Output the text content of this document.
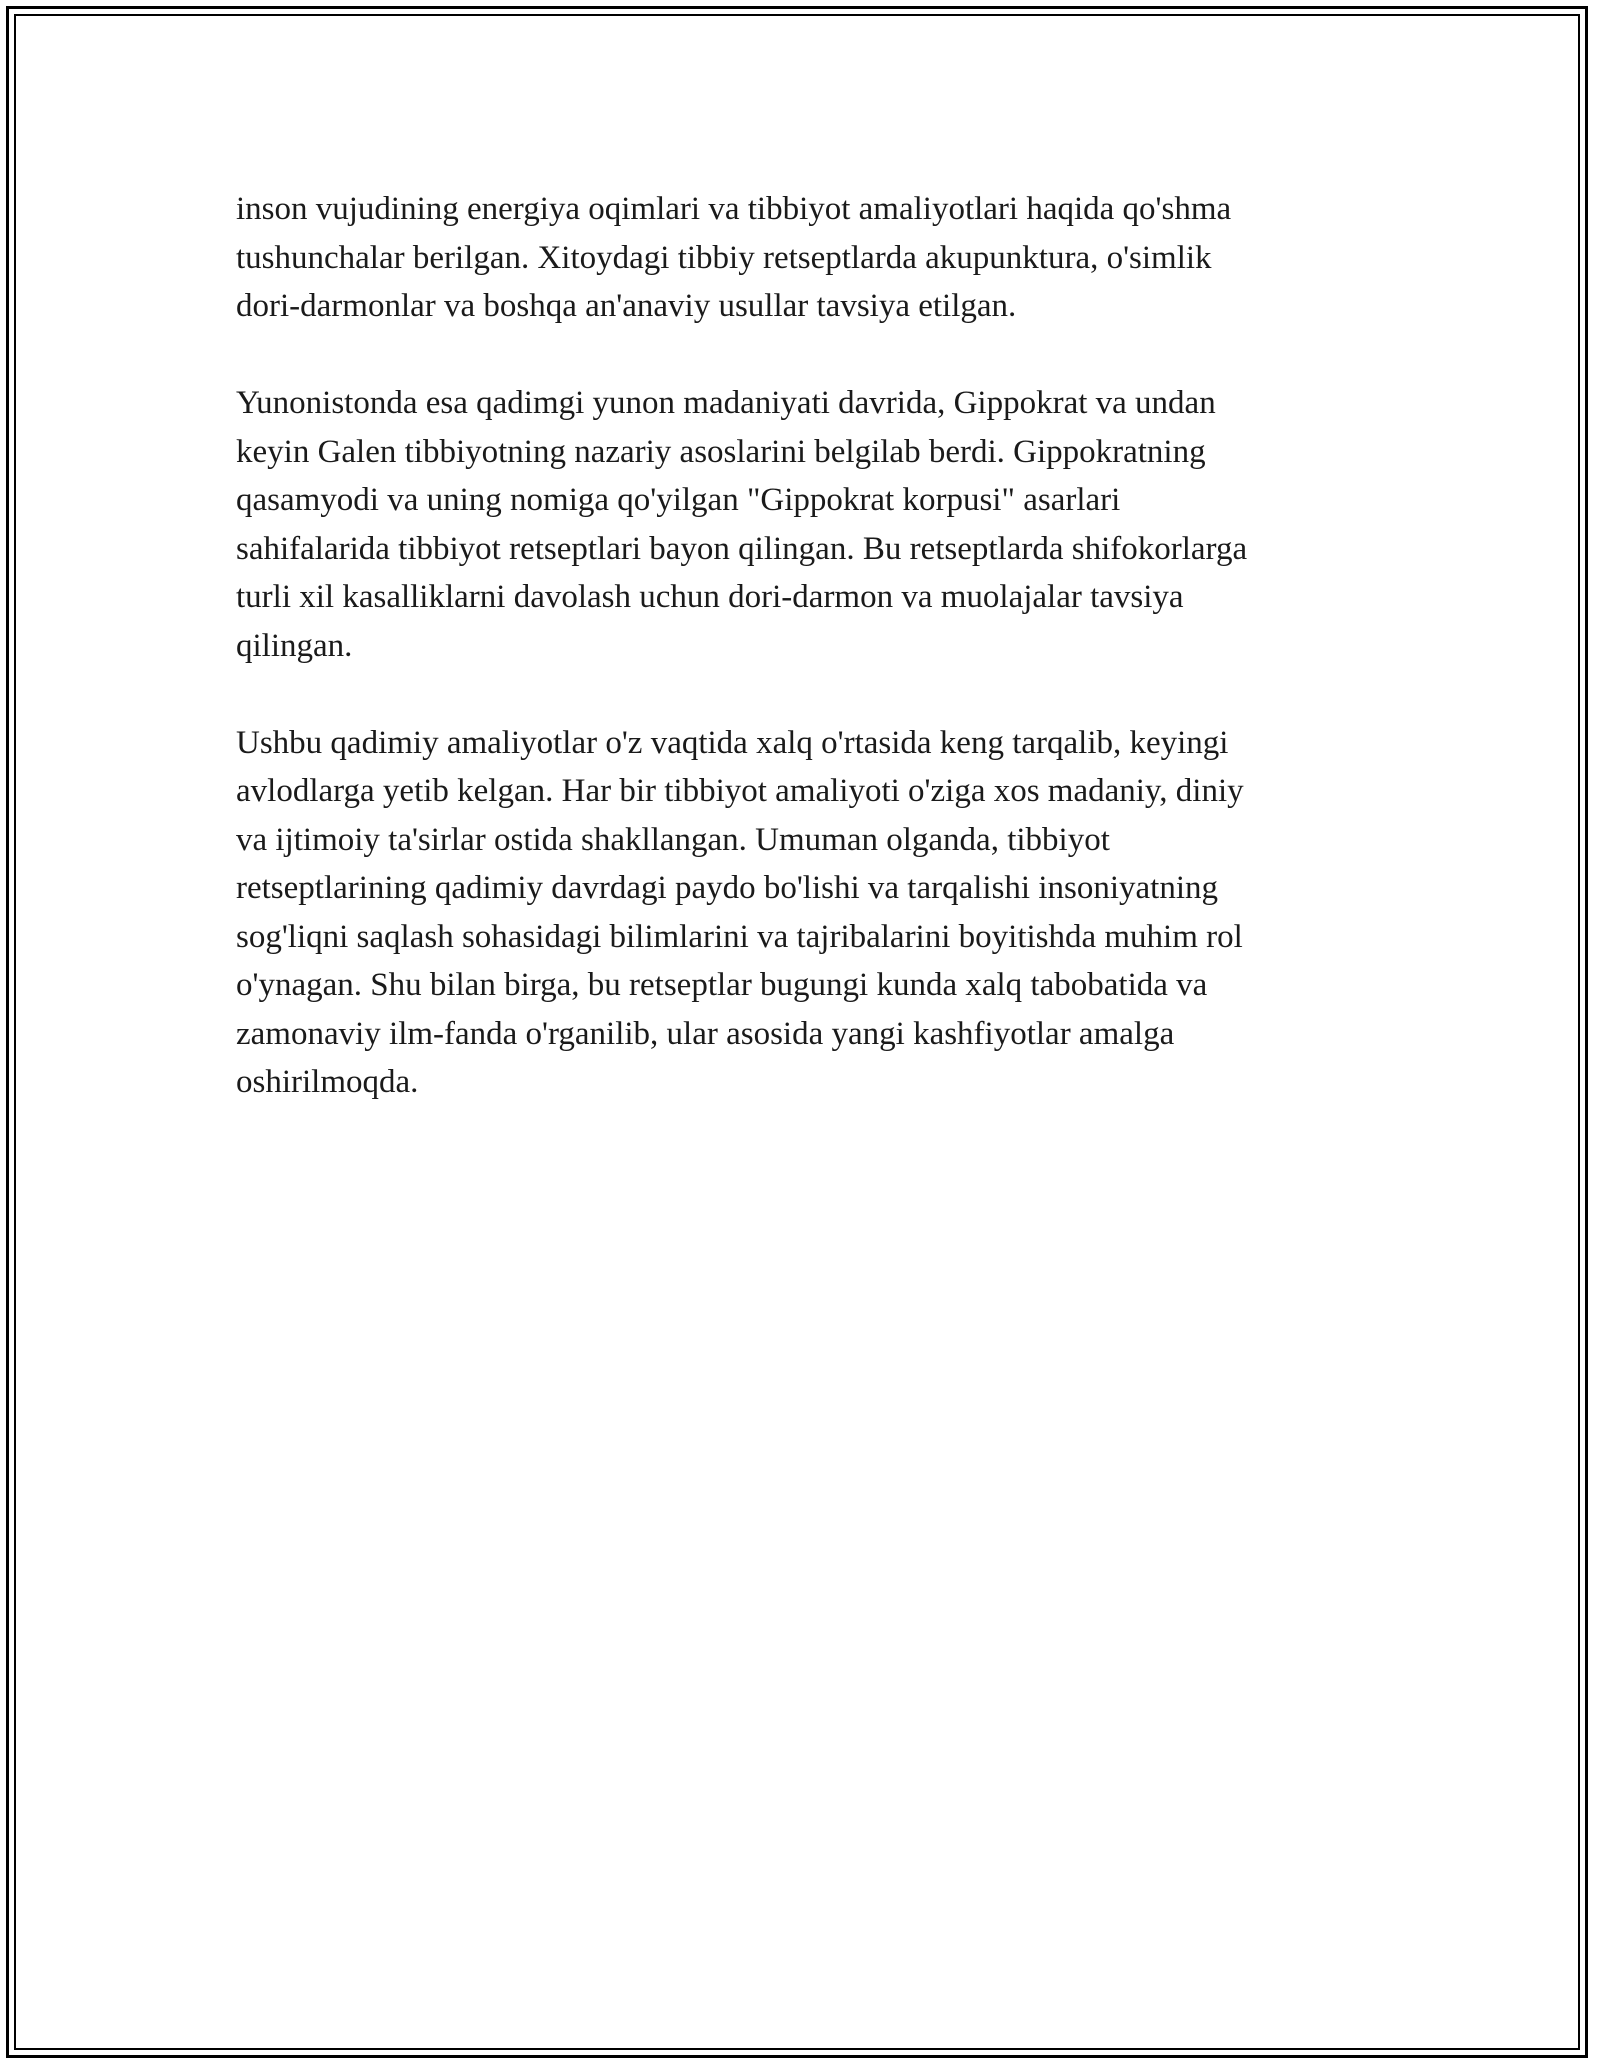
inson vujudining energiya oqimlari va tibbiyot amaliyotlari haqida qo'shma
tushunchalar berilgan. Xitoydagi tibbiy retseptlarda akupunktura, o'simlik
dori-darmonlar va boshqa an'anaviy usullar tavsiya etilgan.

Yunonistonda esa qadimgi yunon madaniyati davrida, Gippokrat va undan
keyin Galen tibbiyotning nazariy asoslarini belgilab berdi. Gippokratning
qasamyodi va uning nomiga qo'yilgan "Gippokrat korpusi" asarlari
sahifalarida tibbiyot retseptlari bayon qilingan. Bu retseptlarda shifokorlarga
turli xil kasalliklarni davolash uchun dori-darmon va muolajalar tavsiya
qilingan.

Ushbu qadimiy amaliyotlar o'z vaqtida xalq o'rtasida keng tarqalib, keyingi
avlodlarga yetib kelgan. Har bir tibbiyot amaliyoti o'ziga xos madaniy, diniy
va ijtimoiy ta'sirlar ostida shakllangan. Umuman olganda, tibbiyot
retseptlarining qadimiy davrdagi paydo bo'lishi va tarqalishi insoniyatning
sog'liqni saqlash sohasidagi bilimlarini va tajribalarini boyitishda muhim rol
o'ynagan. Shu bilan birga, bu retseptlar bugungi kunda xalq tabobatida va
zamonaviy ilm-fanda o'rganilib, ular asosida yangi kashfiyotlar amalga
oshirilmoqda.
